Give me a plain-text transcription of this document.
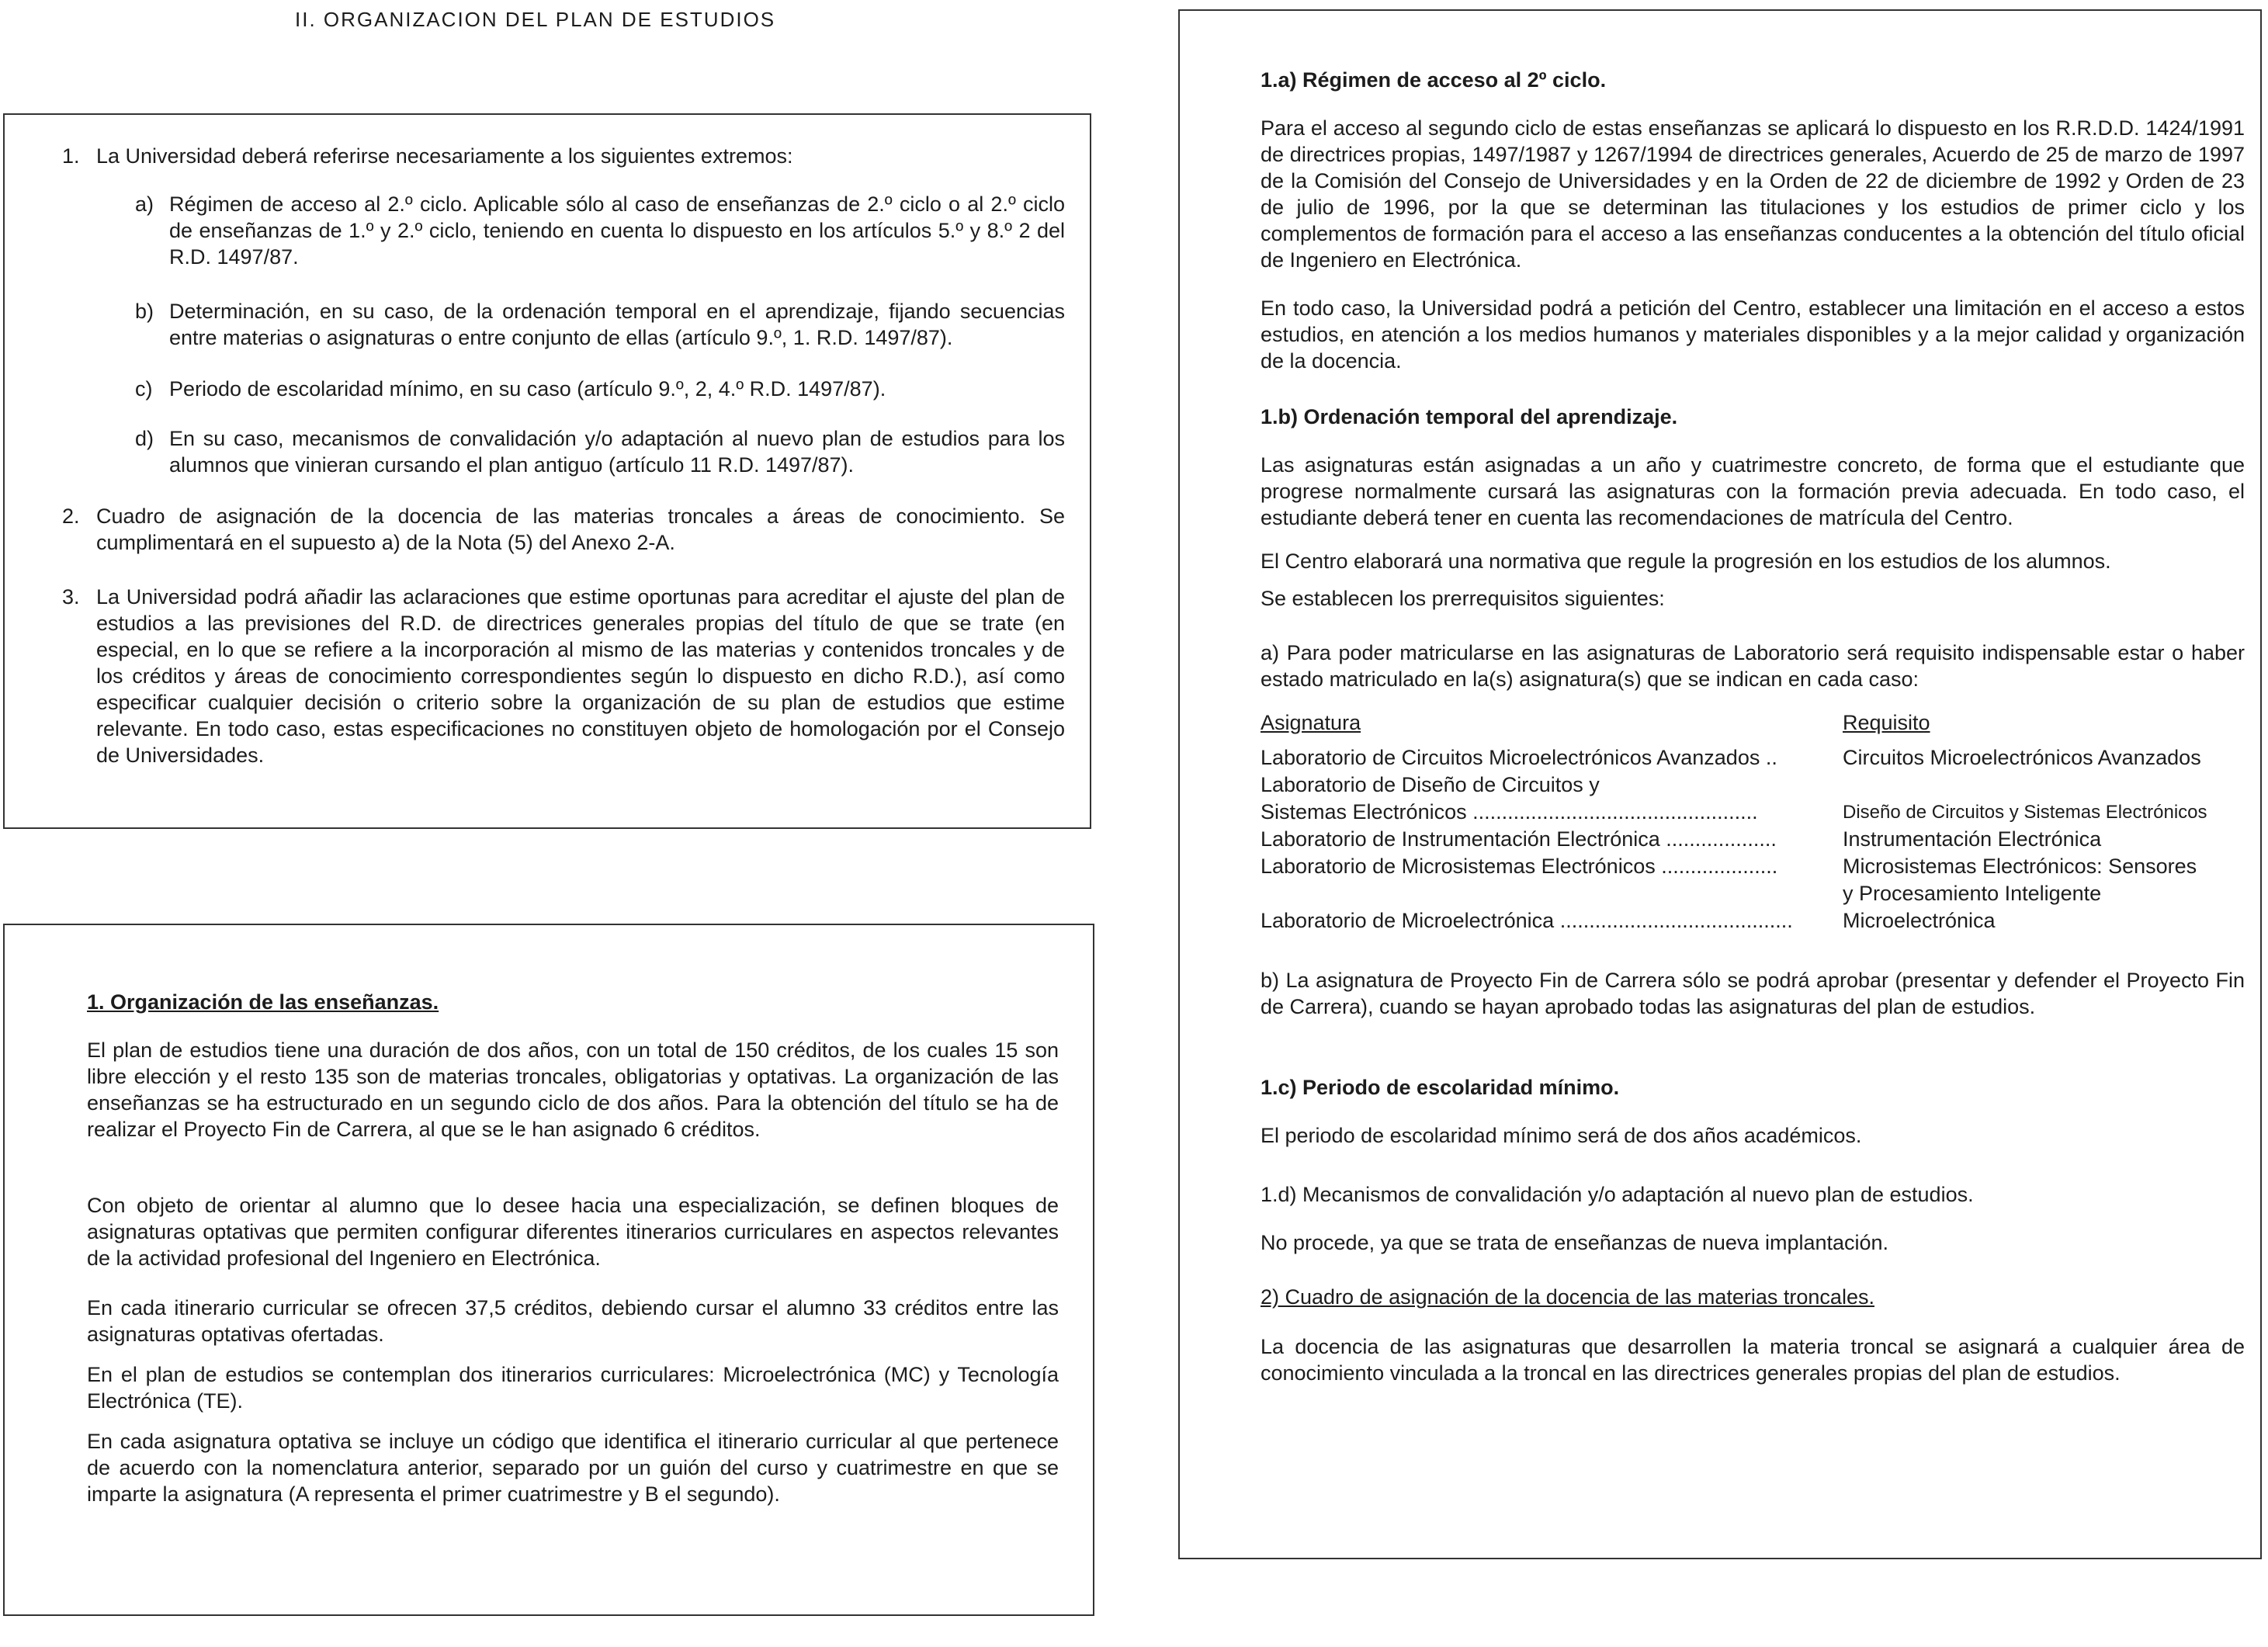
II. ORGANIZACION DEL PLAN DE ESTUDIOS
1. La Universidad deberá referirse necesariamente a los siguientes extremos:

a) Régimen de acceso al 2.º ciclo. Aplicable sólo al caso de enseñanzas de 2.º ciclo o al 2.º ciclo de enseñanzas de 1.º y 2.º ciclo, teniendo en cuenta lo dispuesto en los artículos 5.º y 8.º 2 del R.D. 1497/87.

b) Determinación, en su caso, de la ordenación temporal en el aprendizaje, fijando secuencias entre materias o asignaturas o entre conjunto de ellas (artículo 9.º, 1. R.D. 1497/87).

c) Periodo de escolaridad mínimo, en su caso (artículo 9.º, 2, 4.º R.D. 1497/87).

d) En su caso, mecanismos de convalidación y/o adaptación al nuevo plan de estudios para los alumnos que vinieran cursando el plan antiguo (artículo 11 R.D. 1497/87).

2. Cuadro de asignación de la docencia de las materias troncales a áreas de conocimiento. Se cumplimentará en el supuesto a) de la Nota (5) del Anexo 2-A.

3. La Universidad podrá añadir las aclaraciones que estime oportunas para acreditar el ajuste del plan de estudios a las previsiones del R.D. de directrices generales propias del título de que se trate (en especial, en lo que se refiere a la incorporación al mismo de las materias y contenidos troncales y de los créditos y áreas de conocimiento correspondientes según lo dispuesto en dicho R.D.), así como especificar cualquier decisión o criterio sobre la organización de su plan de estudios que estime relevante. En todo caso, estas especificaciones no constituyen objeto de homologación por el Consejo de Universidades.

1. Organización de las enseñanzas.

El plan de estudios tiene una duración de dos años, con un total de 150 créditos, de los cuales 15 son libre elección y el resto 135 son de materias troncales, obligatorias y optativas. La organización de las enseñanzas se ha estructurado en un segundo ciclo de dos años. Para la obtención del título se ha de realizar el Proyecto Fin de Carrera, al que se le han asignado 6 créditos.

Con objeto de orientar al alumno que lo desee hacia una especialización, se definen bloques de asignaturas optativas que permiten configurar diferentes itinerarios curriculares en aspectos relevantes de la actividad profesional del Ingeniero en Electrónica.

En cada itinerario curricular se ofrecen 37,5 créditos, debiendo cursar el alumno 33 créditos entre las asignaturas optativas ofertadas.

En el plan de estudios se contemplan dos itinerarios curriculares: Microelectrónica (MC) y Tecnología Electrónica (TE).

En cada asignatura optativa se incluye un código que identifica el itinerario curricular al que pertenece de acuerdo con la nomenclatura anterior, separado por un guión del curso y cuatrimestre en que se imparte la asignatura (A representa el primer cuatrimestre y B el segundo).

1.a) Régimen de acceso al 2º ciclo.

Para el acceso al segundo ciclo de estas enseñanzas se aplicará lo dispuesto en los R.R.D.D. 1424/1991 de directrices propias, 1497/1987 y 1267/1994 de directrices generales, Acuerdo de 25 de marzo de 1997 de la Comisión del Consejo de Universidades y en la Orden de 22 de diciembre de 1992 y Orden de 23 de julio de 1996, por la que se determinan las titulaciones y los estudios de primer ciclo y los complementos de formación para el acceso a las enseñanzas conducentes a la obtención del título oficial de Ingeniero en Electrónica.

En todo caso, la Universidad podrá a petición del Centro, establecer una limitación en el acceso a estos estudios, en atención a los medios humanos y materiales disponibles y a la mejor calidad y organización de la docencia.

1.b) Ordenación temporal del aprendizaje.

Las asignaturas están asignadas a un año y cuatrimestre concreto, de forma que el estudiante que progrese normalmente cursará las asignaturas con la formación previa adecuada. En todo caso, el estudiante deberá tener en cuenta las recomendaciones de matrícula del Centro.

El Centro elaborará una normativa que regule la progresión en los estudios de los alumnos.

Se establecen los prerrequisitos siguientes:

a) Para poder matricularse en las asignaturas de Laboratorio será requisito indispensable estar o haber estado matriculado en la(s) asignatura(s) que se indican en cada caso:

Asignatura	Requisito
Laboratorio de Circuitos Microelectrónicos Avanzados ..	Circuitos Microelectrónicos Avanzados
Laboratorio de Diseño de Circuitos y
Sistemas Electrónicos .................................................	Diseño de Circuitos y Sistemas Electrónicos
Laboratorio de Instrumentación Electrónica ...................	Instrumentación Electrónica
Laboratorio de Microsistemas Electrónicos ....................	Microsistemas Electrónicos: Sensores
y Procesamiento Inteligente
Laboratorio de Microelectrónica ........................................	Microelectrónica

b) La asignatura de Proyecto Fin de Carrera sólo se podrá aprobar (presentar y defender el Proyecto Fin de Carrera), cuando se hayan aprobado todas las asignaturas del plan de estudios.

1.c) Periodo de escolaridad mínimo.

El periodo de escolaridad mínimo será de dos años académicos.

1.d) Mecanismos de convalidación y/o adaptación al nuevo plan de estudios.

No procede, ya que se trata de enseñanzas de nueva implantación.

2) Cuadro de asignación de la docencia de las materias troncales.

La docencia de las asignaturas que desarrollen la materia troncal se asignará a cualquier área de conocimiento vinculada a la troncal en las directrices generales propias del plan de estudios.
